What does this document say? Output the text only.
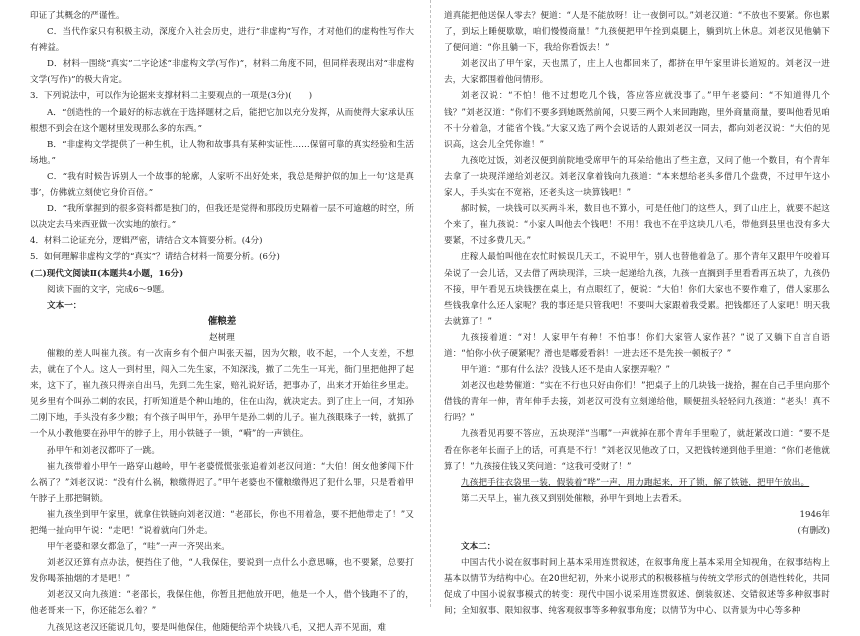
印证了其概念的严谨性。
C．当代作家只有积极主动，深度介入社会历史，进行“非虚构”写作，才对他们的虚构性写作大有裨益。
D．材料一围绕“真实”二字论述“非虚构文学(写作)”，材料二角度不同，但同样表现出对“非虚构文学(写作)”的极大肯定。
3．下列说法中，可以作为论据来支撑材料二主要观点的一项是(3分)(　　)
A．“创造性的一个最好的标志就在于选择题材之后，能把它加以充分发挥，从而使得大家承认压根想不到会在这个题材里发现那么多的东西。”
B．“非虚构文学提供了一种生机，让人物和故事具有某种实证性……保留可靠的真实经验和生活场地。”
C．“我有时候告诉别人一个故事的轮廓，人家听不出好处来，我总是辩护似的加上一句‘这是真事’，仿佛就立刻使它身价百倍。”
D．“我所掌握到的很多资料都是独门的，但我还是觉得和那段历史隔着一层不可逾越的时空，所以决定去马来西亚做一次实地的旅行。”
4．材料二论证充分，逻辑严密，请结合文本简要分析。(4分)
5．如何理解非虚构文学的“真实”？请结合材料一简要分析。(6分)
(二)现代文阅读Ⅱ(本题共4小题，16分)
阅读下面的文字，完成6～9题。
文本一：
催粮差
赵树理
催粮的差人叫崔九孩。有一次南乡有个佃户叫张天福，因为欠粮，收不起，一个人支差，不想去，就在了个人。这人一到村里，闯入二先生家，不知深浅，撤了二先生一耳光，衙门里把他押了起来，这下了，崔九孩只得亲自出马，先到二先生家，赔礼说好话，把事办了，出来才开始往乡里走。见乡里有个叫孙二刺的农民，打听知道是个种山地的，住在山沟，就决定去。到了庄上一问，才知孙二刚下地，手头没有多少粮；有个孩子叫甲午，孙甲午是孙二刺的儿子。崔九孩眼珠子一转，就抓了一个从小教他要在孙甲午的脖子上，用小铁链子一锁，“嗬”的一声锁住。
孙甲午和刘老汉都吓了一跳。
崔九孩带着小甲午一路穿山越岭，甲午老婆慌慌张张追着刘老汉问道：“大伯！闺女他爹闯下什么祸了？”刘老汉说：“没有什么祸，粮缴得迟了。”甲午老婆也不懂粮缴得迟了犯什么罪，只是看着甲午脖子上那把铜锁。
崔九孩坐到甲午家里，就拿住铁链向刘老汉道：“老邵长，你也不用着急，要不把他带走了！”又把绳一扯向甲午说：“走吧！”说着就向门外走。
甲午老婆和翠女都急了，“哇”一声一齐哭出来。
刘老汉还算有点办法，便挡住了他，“人我保住，要说到一点什么小意思嘛，也不要紧，总要打发你喝茶抽烟的才是吧！”
刘老汉又向九孩道：“老邵长，我保住他，你暂且把他放开吧，他是一个人，借个钱跑不了的，他老哥来一下，你还能怎么着？”
九孩见这老汉还能说几句，要是叫他保住，他随便给弄个块钱八毛，又把人弄不见面，难
道真能把他送保人零去？便道：“人是不能放呀！让一夜倒可以。”刘老汉道：“不放也不要紧。你也累了，到坛上睡便歇歇，咱们慢慢商量！”九孩便把甲午拴到桌腿上，躺到坑上休息。刘老汉见他躺下了便问道：“你且躺一下，我给你看饭去！”
刘老汉出了甲午家，天也黑了，庄上人也都回来了，都挤在甲午家里讲长道短的。刘老汉一进去，大家都围着他问情形。
刘老汉说：“不怕！他不过想吃几个钱，答应答应就没事了。”甲午老婆问：“不知道得几个钱？”刘老汉道：“你们不要多到她既然前闻，只要三两个人来回跑跑，里外商量商量，要叫他看见咱不十分着急，才能省个钱。”大家又选了两个会说话的人跟刘老汉一同去，都向刘老汉说：“大伯的见识高，这会儿全凭你谁！”
九孩吃过饭，刘老汉便到前院地受席甲午的耳朵给他出了些主意，又问了他一个数目，有个青年去拿了一块现洋递给刘老汉。刘老汉拿着钱向九孩道：“本来想给老头多借几个盘费，不过甲午这小家人，手头实在不宽裕，还老头这一块算钱吧！”
郝时候，一块钱可以买两斗米，数目也不算小，可是任他门的这些人，到了山庄上，就要不起这个来了，崔九孩说：“小家人叫他去个钱吧！不用！我也不在乎这块几八毛，带他到县里也没有多大要紧，不过多费几天。”
庄稼人最怕叫他在农忙时候误几天工，不说甲午，别人也替他着急了。那个青年又跟甲午咬着耳朵说了一会儿话，又去借了两块现洋，三块一起递给九孩，九孩一直搁到手里看看再五块了，九孩仍不接，甲午看见五块钱摆在桌上，有点眼红了，便说：“大伯！你们大家也不要作难了，借人家那么些钱我拿什么还人家呢？我的事还是只管我吧！不要叫大家跟着我受累。把钱都还了人家吧！明天我去就算了！”
九孩接着道：“对！人家甲午有种！不怕事！你们大家管人家作甚？”说了又躺下自言自语道：“怕你小伙子硬紧呢？滑也是嘟爱看斜！一进去还不是先挨一顿板子？”
甲午道：“那有什么法？没钱人还不是由人家摆弄啦？”
刘老汉也趁势催道：“实在不行也只好由你们！”把桌子上的几块钱一拢拾，握在自己手里向那个借钱的青年一伸，青年伸手去接，刘老汉可没有立刻递给他，顺便扭头轻轻问九孩道：“老头！真不行吗？”
九孩看见再要不答应，五块现洋“当哪”一声就掉在那个青年手里啦了，就赶紧改口道：“要不是看在你老年长面子上的话，可真是不行！”刘老汉见他改了口，又把钱转递到他手里道：“你们老他就算了！”九孩接住钱又笑问道：“这我可受财了！”
九孩把手往衣袋里一装，假装着“哗”一声，用力跑起来，开了锁，解了铁链，把甲午放出。
第二天早上，崔九孩又到别处催粮，孙甲午到地上去看禾。
1946年
(有删改)
文本二：
中国古代小说在叙事时间上基本采用连贯叙述，在叙事角度上基本采用全知视角，在叙事结构上基本以情节为结构中心。在20世纪初，外来小说形式的积极移植与传统文学形式的创造性转化，共同促成了中国小说叙事模式的转变：现代中国小说采用连贯叙述、倒装叙述、交错叙述等多种叙事时间；全知叙事、限知叙事、纯客观叙事等多种叙事角度；以情节为中心、以背景为中心等多种
